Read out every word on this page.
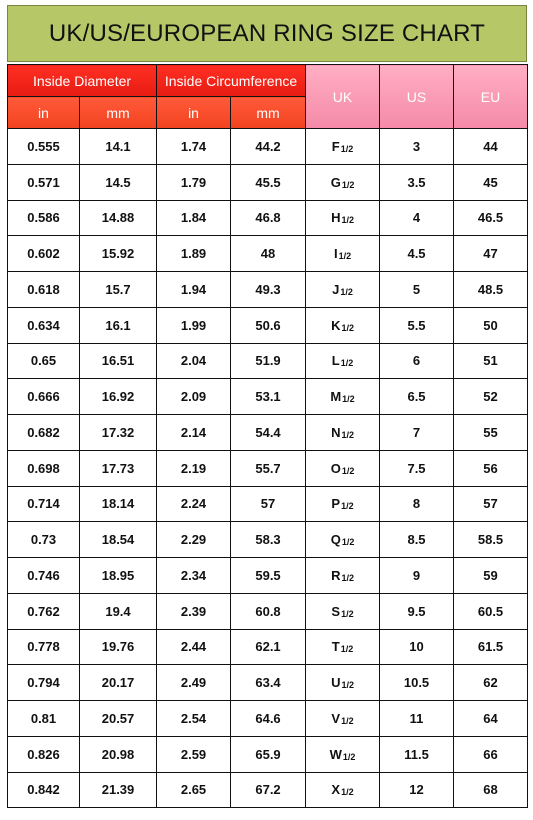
UK/US/EUROPEAN RING SIZE CHART
Inside Diameter		Inside Circumference		UK	US	EU
in	mm	in	mm			
0.555	14.1	1.74	44.2	$F_{1/2}$	3	44
0.571	14.5	1.79	45.5	$G_{1/2}$	3.5	45
0.586	14.88	1.84	46.8	$H_{1/2}$	4	46.5
0.602	15.92	1.89	48	$I_{1/2}$	4.5	47
0.618	15.7	1.94	49.3	$J_{1/2}$	5	48.5
0.634	16.1	1.99	50.6	$K_{1/2}$	5.5	50
0.65	16.51	2.04	51.9	$L_{1/2}$	6	51
0.666	16.92	2.09	53.1	$M_{1/2}$	6.5	52
0.682	17.32	2.14	54.4	$N_{1/2}$	7	55
0.698	17.73	2.19	55.7	$O_{1/2}$	7.5	56
0.714	18.14	2.24	57	$P_{1/2}$	8	57
0.73	18.54	2.29	58.3	$Q_{1/2}$	8.5	58.5
0.746	18.95	2.34	59.5	$R_{1/2}$	9	59
0.762	19.4	2.39	60.8	$S_{1/2}$	9.5	60.5
0.778	19.76	2.44	62.1	$T_{1/2}$	10	61.5
0.794	20.17	2.49	63.4	$U_{1/2}$	10.5	62
0.81	20.57	2.54	64.6	$V_{1/2}$	11	64
0.826	20.98	2.59	65.9	$W_{1/2}$	11.5	66
0.842	21.39	2.65	67.2	$X_{1/2}$	12	68
